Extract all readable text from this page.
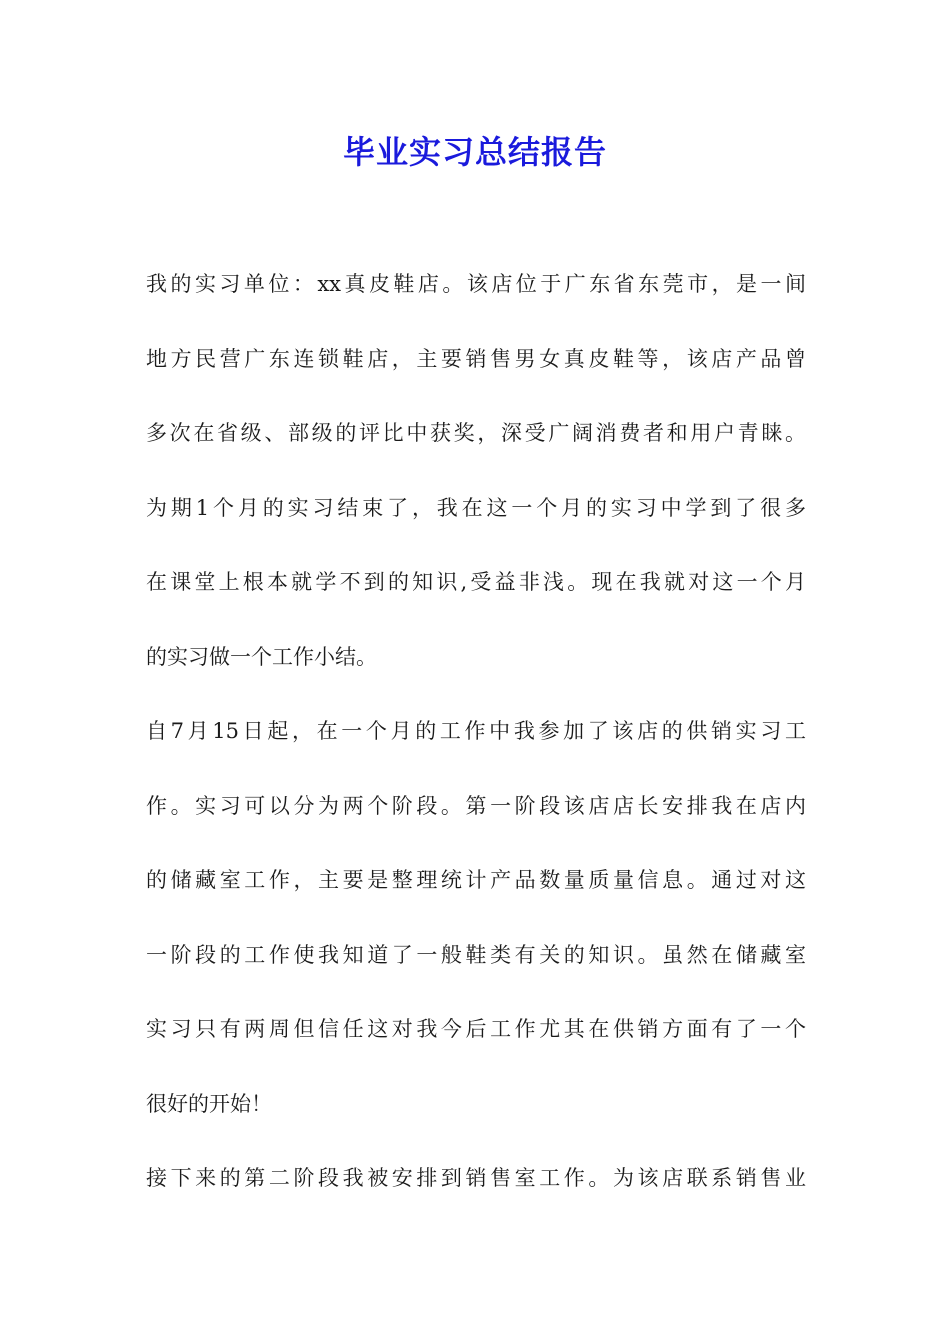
毕业实习总结报告
我的实习单位：xx真皮鞋店。该店位于广东省东莞市，是一间
地方民营广东连锁鞋店，主要销售男女真皮鞋等，该店产品曾
多次在省级、部级的评比中获奖，深受广阔消费者和用户青睐。
为期1个月的实习结束了，我在这一个月的实习中学到了很多
在课堂上根本就学不到的知识,受益非浅。现在我就对这一个月
的实习做一个工作小结。
自7月15日起，在一个月的工作中我参加了该店的供销实习工
作。实习可以分为两个阶段。第一阶段该店店长安排我在店内
的储藏室工作，主要是整理统计产品数量质量信息。通过对这
一阶段的工作使我知道了一般鞋类有关的知识。虽然在储藏室
实习只有两周但信任这对我今后工作尤其在供销方面有了一个
很好的开始！
接下来的第二阶段我被安排到销售室工作。为该店联系销售业
